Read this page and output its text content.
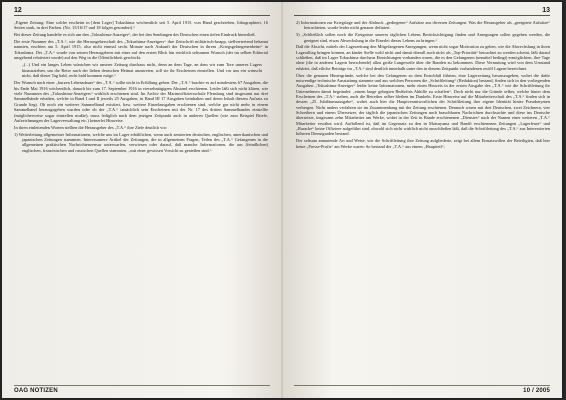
12

„Eigene Zeitung: Eine solche erscheint in [dem Lager] Tokushima wöchentlich seit 5. April 1915, von Hand geschrieben, lithographiert, 16 Seiten stark, in drei Farben. (No. 15/16/17 und 18 folgen gesondert).“

Bei dieser Zeitung handelte es sich um den „Tokushima-Anzeiger“, der bei den Sendungen des Deutschen einen tiefen Eindruck hinterließ.

Die erste Nummer des „T.A.“, wie die Herausgeberschaft des „Tokushima-Anzeigers“ ihre Zeitschrift militärisch-knapp, stellvertretend bekannt nannten, erschien am 5. April 1915, also nicht einmal sechs Monate nach Ankunft der Deutschen in ihrem „Kriegsgefangenenheim“ in Tokushima. Der „T.A.“ wurde von seinen Herausgebern mit einer auf den ersten Blick hin reichlich seltsamen Wunsch (der im selben Editorial umgehend relativiert wurde) auf den Weg in die Öffentlichkeit geschickt:

„(...) Und ein langes Leben wünschen wir unserer Zeitung durchaus nicht, denn an dem Tage, an dem wir zum Tore unseres Lagers hinausziehen, um die Reise nach der lieben deutschen Heimat anzutreten, soll sie ihr Erscheinen einstellen. Und vor uns ein wünscht nicht, daß dieser Tag bald, recht bald kommen möge.“

Der Wunsch nach einer „kurzen Lebensdauer“ des „T.A.“ sollte nicht in Erfüllung gehen: Der „T.A.“ brachte es auf mindestens 67 Ausgaben, die bis Ende Mai 1916 wöchentlich, danach bis zum 17. September 1916 in vierzehntägigem Abstand erschienen. Leider läßt sich nicht klären, wie viele Nummern des „Tokushima-Anzeigers“ wirklich erschienen sind. Im Archiv der Marineoffiziersschule Flensburg sind insgesamt nur drei Sammelbände erhalten, welche in Band I und II jeweils 25 Ausgaben, in Band III 17 Ausgaben beinhalten und deren Inhalt diesem Aufsatz zu Grunde liegt. Ob noch ein weiterer Sammelband existiert, bzw. weitere Einzelausgaben erschienen sind, welche gar nicht mehr in einem Sammelband herausgegeben wurden oder ob der „T.A.“ tatsächlich sein Erscheinen mit der Nr. 17 des dritten Sammelbandes einstellte (möglicherweise sogar einstellen mußte), muss lediglich nach dem jetzigen Zeitpunkt auch in anderen Quellen (wie zum Beispiel Briefe, Aufzeichnungen der Lagerverwaltung etc.) keinerlei Hinweise.

In ihren einleitenden Worten stellten die Herausgeber des „T.A.“ ihre Ziele deutlich vor:

1) Weiterleitung allgemeiner Informationen, welche uns im Lager erhältlichen, wenn auch zensierten deutschen, englischen, amerikanischen und japanischen Zeitungen stammten. Interessantere Artikel der Zeitungen, die in allgemeinen Fragen, Teilen des „T.A.“ Gefangenen in die allgemeinen praktischen Nachrichtenzensur unterwarfen, verwiesen oder darauf, daß manche Informationen, die aus (feindlichen) englischen, französischen und russischen Quellen stammten, „mit einer gewissen Vorsicht zu genießen sind.“

OAG NOTIZEN
13

2) Informationen zur Kriegslage und der Abdruck „gediegener“ Aufsätze aus diversen Zeitungen. Was die Herausgeber als „geeignete Aufsätze“ betrachteten, wurde leider nicht genauer definiert.

3) „Schließlich sollen noch die Ereignisse unseres täglichen Lebens Berücksichtigung finden und Anregungen sollen gegeben werden, die geeignet sind, etwas Abwechslung in die Einerlei dieses Lebens zu bringen.“

Daß die Absicht, mittels der Lagerzeitung den Mitgefangenen Anregungen, wenn nicht sogar Motivation zu geben, wie die Abwechslung in ihren Lageralltag bringen können, an kinder Stelle wohl nicht und damit überall auch nicht als „Top-Priorität“ betrachtet zu werden scheint, läßt darauf schließen, daß im Lager Tokushima durchaus Einrichtungen vorhanden waren, die es den Gefangenen (unmittel bedingt) ermöglichten, ihre Tage ohne (die in anderen Lagern herrschende) allzu große Langeweile über die Runden zu bekommen. Diese Vermutung wird von dem Umstand erhärtet, daß etliche Beiträge im „T.A.“ sind deutlich innerhalb unter den in diesem Zeitpunkt vorhandenen zwölf Lagern bezeichnet.

Über die genauen Hintergründe, welche bei den Gefangenen zu dem Entschluß führten, eine Lagerzeitung herauszugeben, wobei die dafür notwendige technische Ausstattung stammte und aus welchen Personen die „Schriftleitung“ (Redaktion) bestand, finden sich in den vorliegenden Ausgaben „Tokushima-Anzeiger“ leider keine Informationen, mehr einen Hinweis in der ersten Ausgabe des „T.A.“ wie die Schriftleitung ihr Unternehmen damit begründet: „einem lange gehegten Bedürfnis Abhilfe zu schaffen“. Doch nicht nur die Gründe selber, welche hinter dem Erscheinen des „T.A.“ stehen, auch die Betreiber selber bleiben im Dunkeln. Erste Hinweise auf die Mitarbeiterschaft des „T.A.“ finden sich in dessen „25. Jubiläumsausgabe“, wobei auch hier die Hauptverantwortlichen der Schriftleitung ihre eigene Identität hinter Pseudonymen verbergen. Nicht anders verfahren sie im Zusammenhang mit der Zeitung erschienen. Dennoch waren mit drei Deutschen, zwei Zeichnern, vier Schreibern und einem Übersetzer, der täglich die japanischen Zeitungen nach brauchbaren Nachrichten durchsuchte und diese ins Deutsche übersetzte, insgesamt zehn Mitarbeiter am Werke, wobei in der Zeit in Bande erschienenen „Dienstes“ nach der Namen einer weiteren „T.A.“ Mitarbeiter erwähnt wird. Auffallend ist, daß im Gegensatz zu den in Matsuyama und Bandō erschienenen Zeitungen „Lagerfeuer“ und „Baracke“ keine Offiziere aufgeführt sind, obwohl sich nicht wirklich nicht ausschließen läßt, daß die Schriftleitung des „T.A.“ aus Interessierten höheren Dienstgraden bestand.

Der seltsam anmutende Art und Weise, wie die Schriftleitung ihre Zeitung aufgliederte, zeigt bei allem Einsatzwillen der Beteiligten, daß hier keine „Presse-Profis“ am Werke waren: So bestand der „T.A.“ aus einem „Hauptteil“,

10 / 2005
